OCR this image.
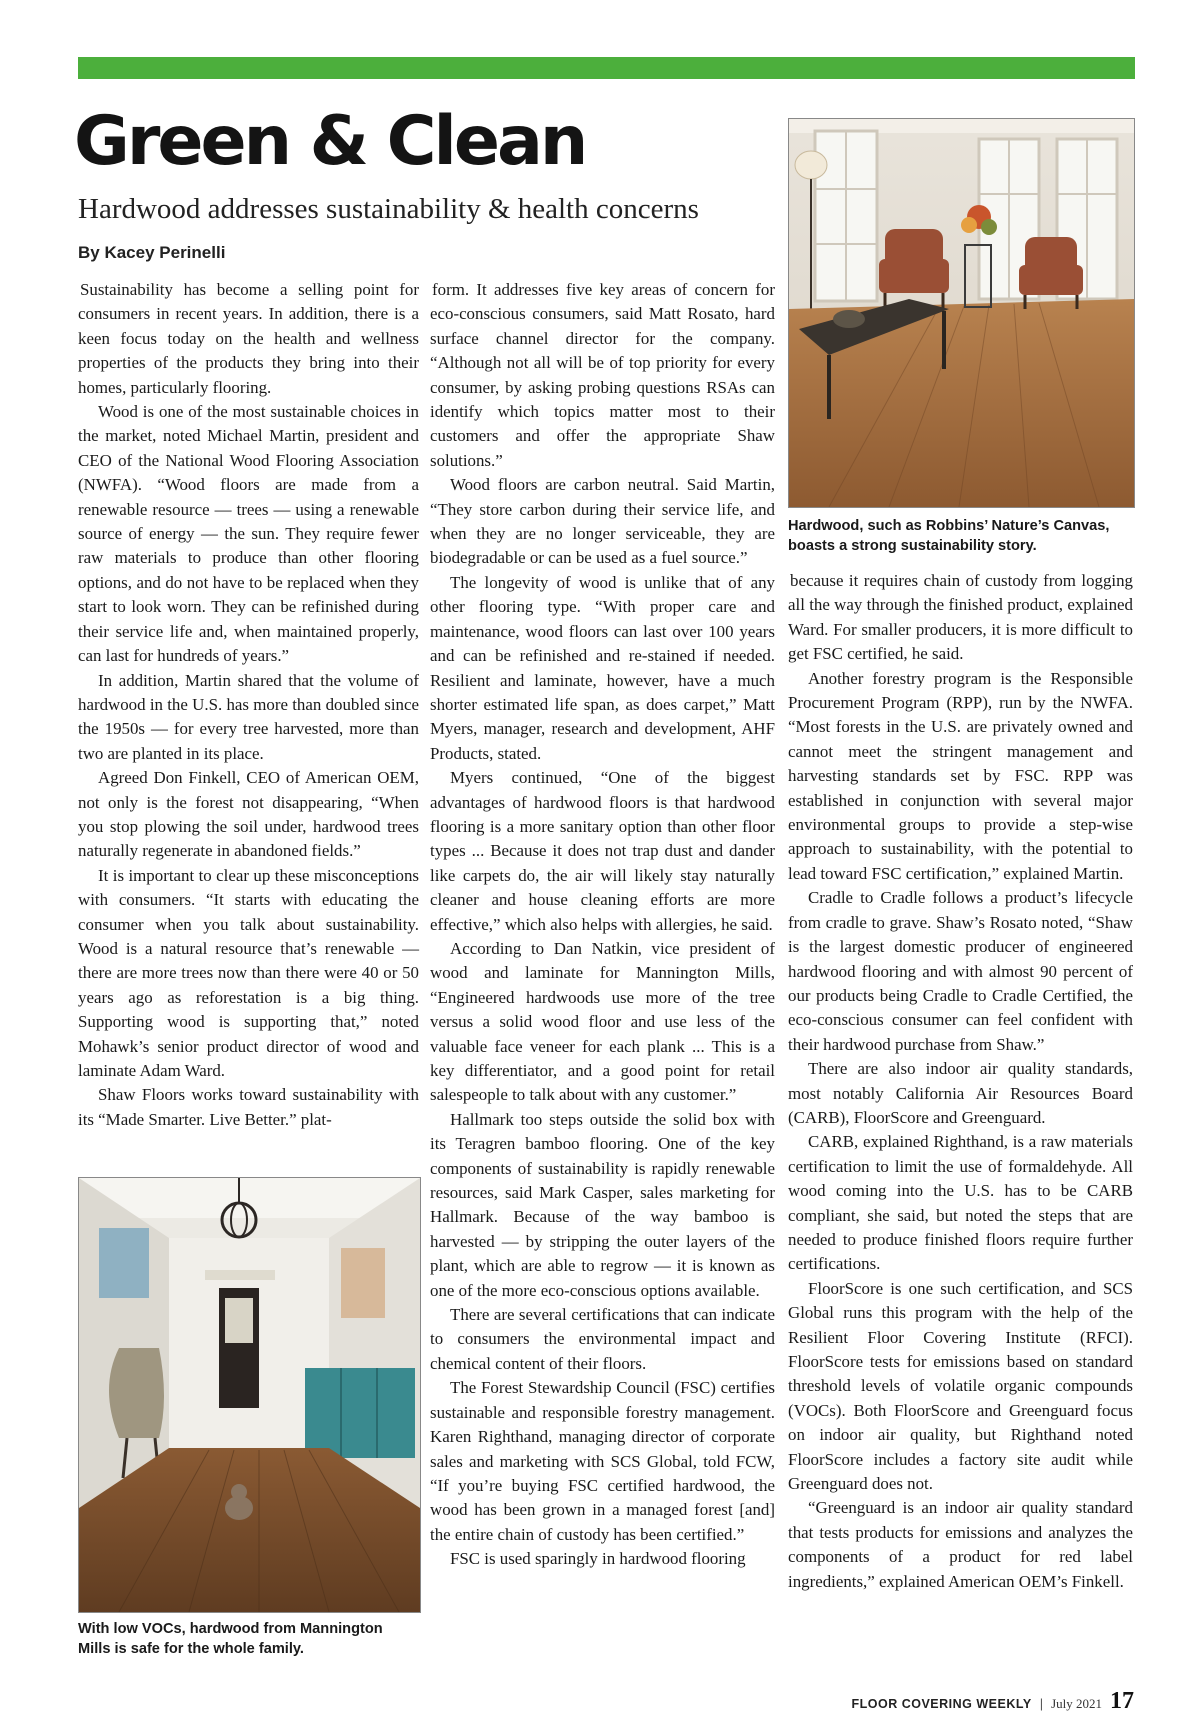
Green & Clean
Hardwood addresses sustainability & health concerns
By Kacey Perinelli

Sustainability has become a selling point for consumers in recent years. In addition, there is a keen focus today on the health and wellness properties of the products they bring into their homes, particularly flooring.

Wood is one of the most sustainable choices in the market, noted Michael Martin, president and CEO of the National Wood Flooring Association (NWFA). “Wood floors are made from a renewable resource — trees — using a renewable source of energy — the sun. They require fewer raw materials to produce than other flooring options, and do not have to be replaced when they start to look worn. They can be refinished during their service life and, when maintained properly, can last for hundreds of years.”

In addition, Martin shared that the volume of hardwood in the U.S. has more than doubled since the 1950s — for every tree harvested, more than two are planted in its place.

Agreed Don Finkell, CEO of American OEM, not only is the forest not disappearing, “When you stop plowing the soil under, hardwood trees naturally regenerate in abandoned fields.”

It is important to clear up these misconceptions with consumers. “It starts with educating the consumer when you talk about sustainability. Wood is a natural resource that’s renewable — there are more trees now than there were 40 or 50 years ago as reforestation is a big thing. Supporting wood is supporting that,” noted Mohawk’s senior product director of wood and laminate Adam Ward.

Shaw Floors works toward sustainability with its “Made Smarter. Live Better.” plat-

form. It addresses five key areas of concern for eco-conscious consumers, said Matt Rosato, hard surface channel director for the company. “Although not all will be of top priority for every consumer, by asking probing questions RSAs can identify which topics matter most to their customers and offer the appropriate Shaw solutions.”

Wood floors are carbon neutral. Said Martin, “They store carbon during their service life, and when they are no longer serviceable, they are biodegradable or can be used as a fuel source.”

The longevity of wood is unlike that of any other flooring type. “With proper care and maintenance, wood floors can last over 100 years and can be refinished and re-stained if needed. Resilient and laminate, however, have a much shorter estimated life span, as does carpet,” Matt Myers, manager, research and development, AHF Products, stated.

Myers continued, “One of the biggest advantages of hardwood floors is that hardwood flooring is a more sanitary option than other floor types ... Because it does not trap dust and dander like carpets do, the air will likely stay naturally cleaner and house cleaning efforts are more effective,” which also helps with allergies, he said.

According to Dan Natkin, vice president of wood and laminate for Mannington Mills, “Engineered hardwoods use more of the tree versus a solid wood floor and use less of the valuable face veneer for each plank ... This is a key differentiator, and a good point for retail salespeople to talk about with any customer.”

Hallmark too steps outside the solid box with its Teragren bamboo flooring. One of the key components of sustainability is rapidly renewable resources, said Mark Casper, sales marketing for Hallmark. Because of the way bamboo is harvested — by stripping the outer layers of the plant, which are able to regrow — it is known as one of the more eco-conscious options available.

There are several certifications that can indicate to consumers the environmental impact and chemical content of their floors.

The Forest Stewardship Council (FSC) certifies sustainable and responsible forestry management. Karen Righthand, managing director of corporate sales and marketing with SCS Global, told FCW, “If you’re buying FSC certified hardwood, the wood has been grown in a managed forest [and] the entire chain of custody has been certified.”

FSC is used sparingly in hardwood flooring

because it requires chain of custody from logging all the way through the finished product, explained Ward. For smaller producers, it is more difficult to get FSC certified, he said.

Another forestry program is the Responsible Procurement Program (RPP), run by the NWFA. “Most forests in the U.S. are privately owned and cannot meet the stringent management and harvesting standards set by FSC. RPP was established in conjunction with several major environmental groups to provide a step-wise approach to sustainability, with the potential to lead toward FSC certification,” explained Martin.

Cradle to Cradle follows a product’s lifecycle from cradle to grave. Shaw’s Rosato noted, “Shaw is the largest domestic producer of engineered hardwood flooring and with almost 90 percent of our products being Cradle to Cradle Certified, the eco-conscious consumer can feel confident with their hardwood purchase from Shaw.”

There are also indoor air quality standards, most notably California Air Resources Board (CARB), FloorScore and Greenguard.

CARB, explained Righthand, is a raw materials certification to limit the use of formaldehyde. All wood coming into the U.S. has to be CARB compliant, she said, but noted the steps that are needed to produce finished floors require further certifications.

FloorScore is one such certification, and SCS Global runs this program with the help of the Resilient Floor Covering Institute (RFCI). FloorScore tests for emissions based on standard threshold levels of volatile organic compounds (VOCs). Both FloorScore and Greenguard focus on indoor air quality, but Righthand noted FloorScore includes a factory site audit while Greenguard does not.

“Greenguard is an indoor air quality standard that tests products for emissions and analyzes the components of a product for red label ingredients,” explained American OEM’s Finkell.

Hardwood, such as Robbins’ Nature’s Canvas, boasts a strong sustainability story.
With low VOCs, hardwood from Mannington Mills is safe for the whole family.
FLOOR COVERING WEEKLY | July 2021 17
